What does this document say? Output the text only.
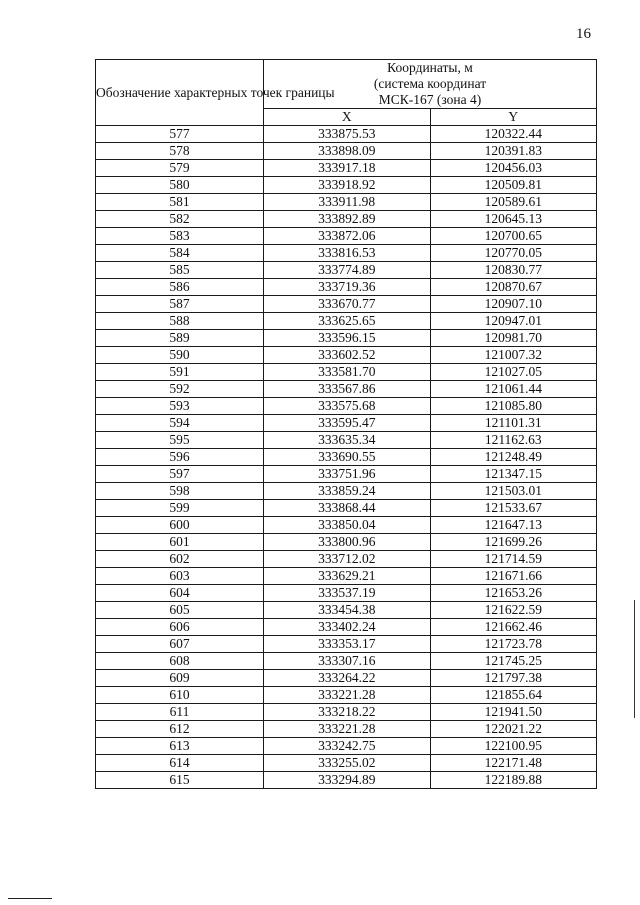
16
Обозначение характерных точек границы	Координаты, м
(система координат
МСК-167 (зона 4)	

	X	Y
577	333875.53	120322.44
578	333898.09	120391.83
579	333917.18	120456.03
580	333918.92	120509.81
581	333911.98	120589.61
582	333892.89	120645.13
583	333872.06	120700.65
584	333816.53	120770.05
585	333774.89	120830.77
586	333719.36	120870.67
587	333670.77	120907.10
588	333625.65	120947.01
589	333596.15	120981.70
590	333602.52	121007.32
591	333581.70	121027.05
592	333567.86	121061.44
593	333575.68	121085.80
594	333595.47	121101.31
595	333635.34	121162.63
596	333690.55	121248.49
597	333751.96	121347.15
598	333859.24	121503.01
599	333868.44	121533.67
600	333850.04	121647.13
601	333800.96	121699.26
602	333712.02	121714.59
603	333629.21	121671.66
604	333537.19	121653.26
605	333454.38	121622.59
606	333402.24	121662.46
607	333353.17	121723.78
608	333307.16	121745.25
609	333264.22	121797.38
610	333221.28	121855.64
611	333218.22	121941.50
612	333221.28	122021.22
613	333242.75	122100.95
614	333255.02	122171.48
615	333294.89	122189.88
